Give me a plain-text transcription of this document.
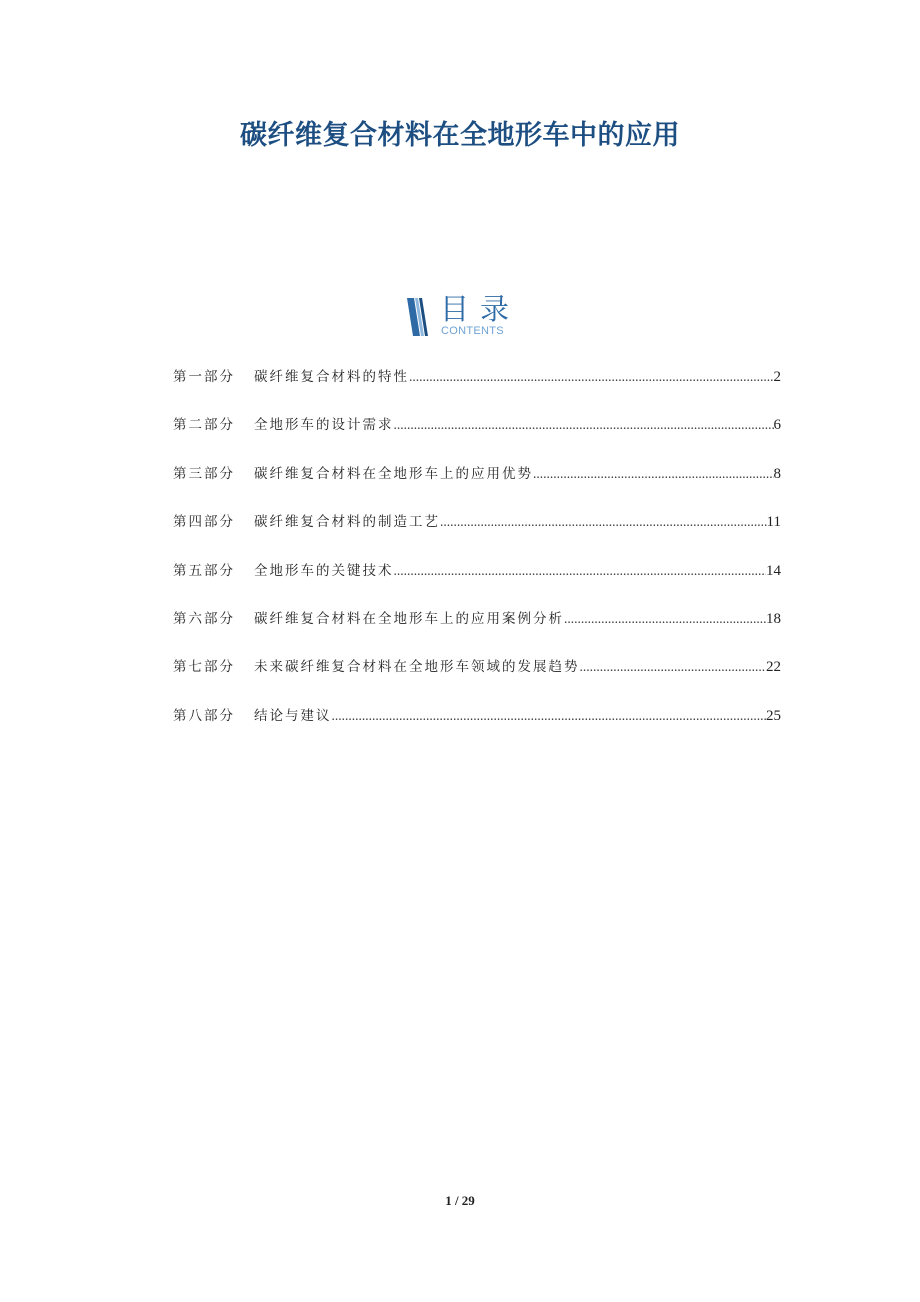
碳纤维复合材料在全地形车中的应用
目录
CONTENTS
第一部分	碳纤维复合材料的特性 .....	2
第二部分	全地形车的设计需求 .....	6
第三部分	碳纤维复合材料在全地形车上的应用优势 .....	8
第四部分	碳纤维复合材料的制造工艺 .....	11
第五部分	全地形车的关键技术 .....	14
第六部分	碳纤维复合材料在全地形车上的应用案例分析 .....	18
第七部分	未来碳纤维复合材料在全地形车领域的发展趋势 .....	22
第八部分	结论与建议 .....	25
1 / 29
